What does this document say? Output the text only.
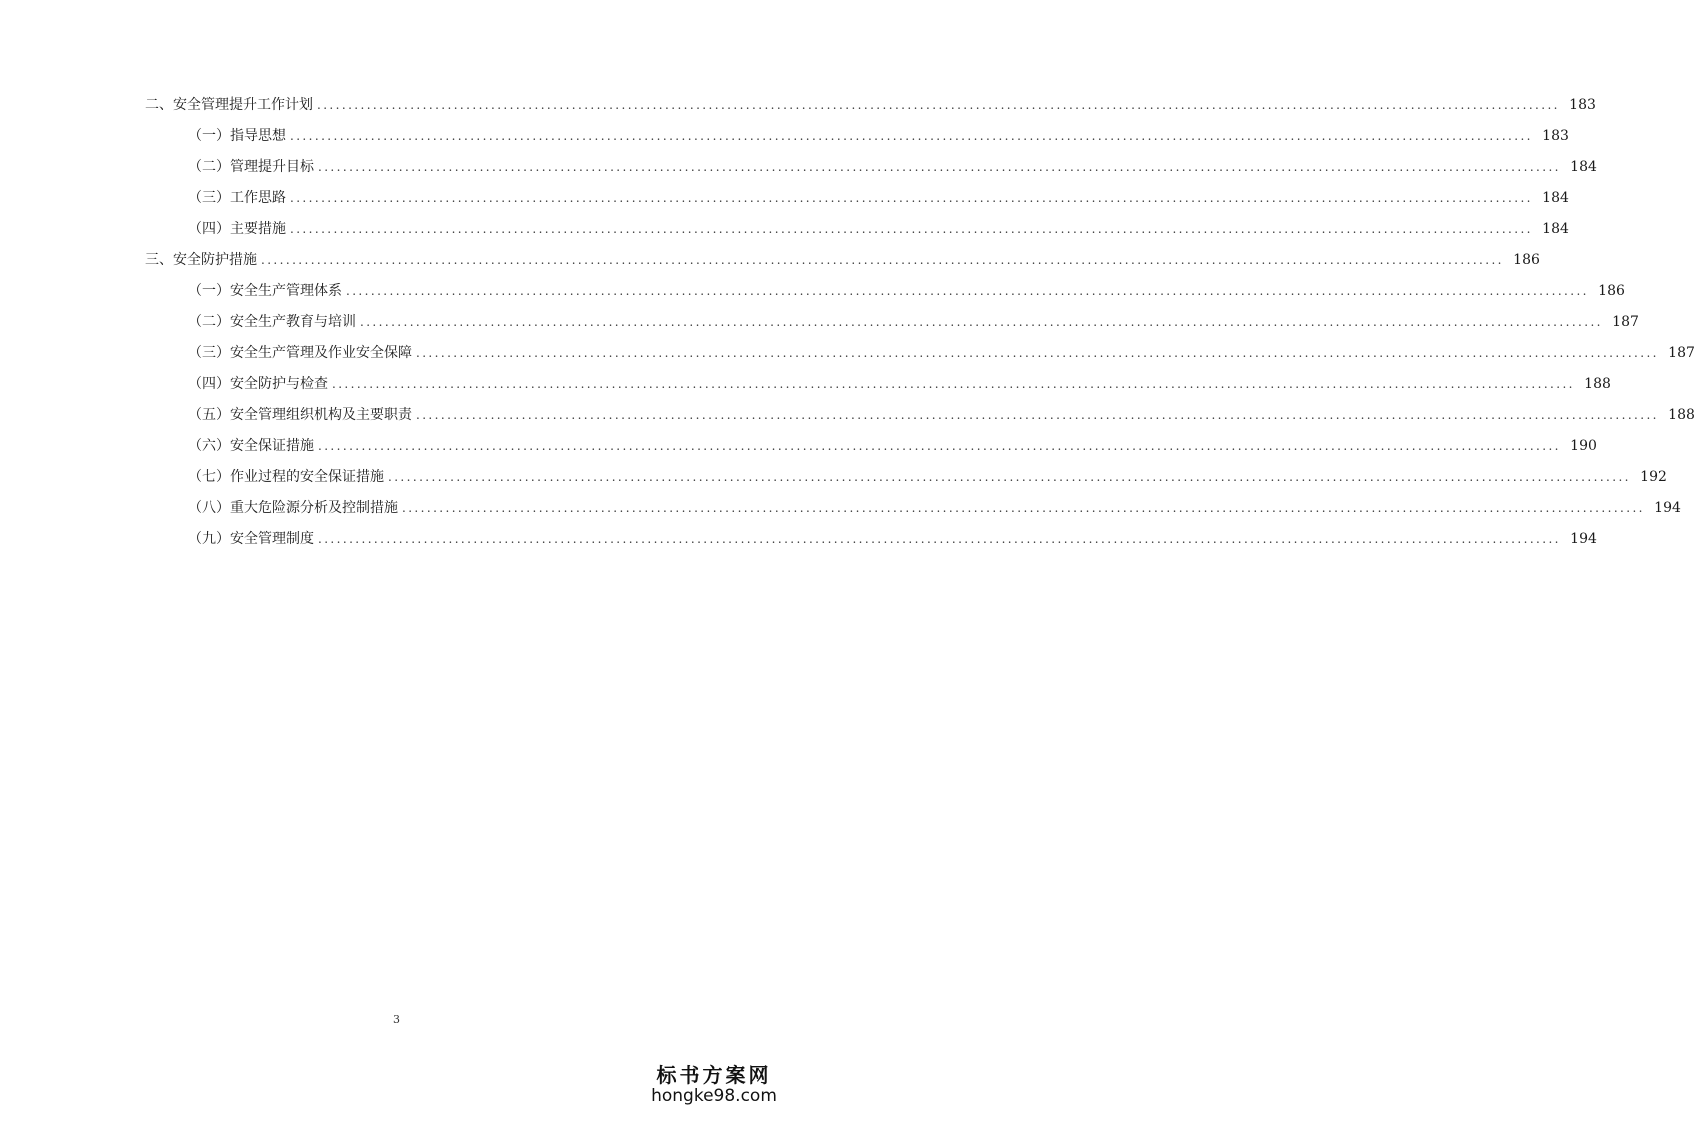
二、安全管理提升工作计划 ........................................................................................................................................................................................................ 183
（一）指导思想 ........................................................................................................................................................................................................ 183
（二）管理提升目标 ........................................................................................................................................................................................................ 184
（三）工作思路 ........................................................................................................................................................................................................ 184
（四）主要措施 ........................................................................................................................................................................................................ 184
三、安全防护措施 ........................................................................................................................................................................................................ 186
（一）安全生产管理体系 ........................................................................................................................................................................................................ 186
（二）安全生产教育与培训 ........................................................................................................................................................................................................ 187
（三）安全生产管理及作业安全保障 ........................................................................................................................................................................................................ 187
（四）安全防护与检查 ........................................................................................................................................................................................................ 188
（五）安全管理组织机构及主要职责 ........................................................................................................................................................................................................ 188
（六）安全保证措施 ........................................................................................................................................................................................................ 190
（七）作业过程的安全保证措施 ........................................................................................................................................................................................................ 192
（八）重大危险源分析及控制措施 ........................................................................................................................................................................................................ 194
（九）安全管理制度 ........................................................................................................................................................................................................ 194
3
标书方案网
hongke98.com
